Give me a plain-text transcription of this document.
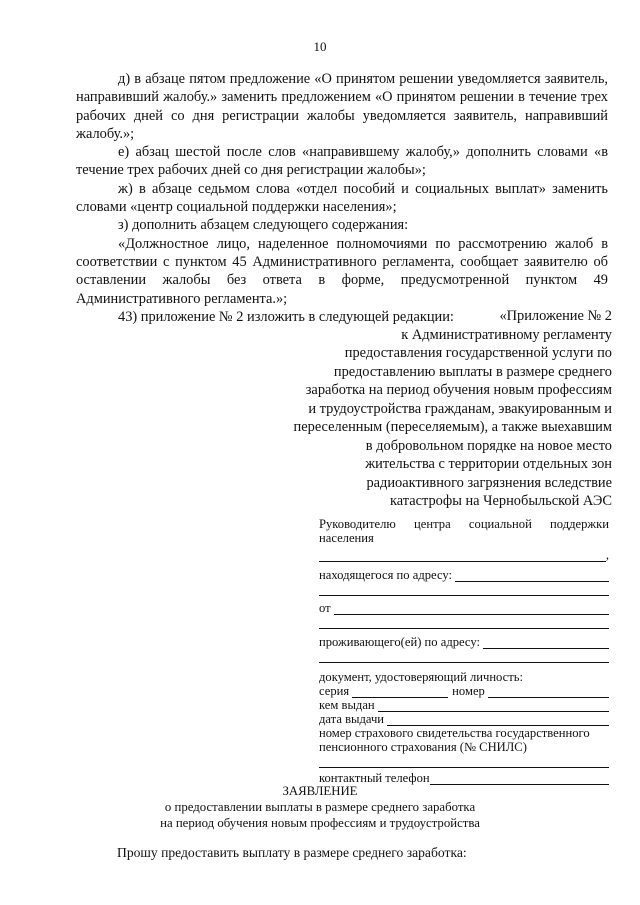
10

д) в абзаце пятом предложение «О принятом решении уведомляется заявитель, направивший жалобу.» заменить предложением «О принятом решении в течение трех рабочих дней со дня регистрации жалобы уведомляется заявитель, направивший жалобу.»;

е) абзац шестой после слов «направившему жалобу,» дополнить словами «в течение трех рабочих дней со дня регистрации жалобы»;

ж) в абзаце седьмом слова «отдел пособий и социальных выплат» заменить словами «центр социальной поддержки населения»;

з) дополнить абзацем следующего содержания:

«Должностное лицо, наделенное полномочиями по рассмотрению жалоб в соответствии с пунктом 45 Административного регламента, сообщает заявителю об оставлении жалобы без ответа в форме, предусмотренной пунктом 49 Административного регламента.»;

43) приложение № 2 изложить в следующей редакции:	«Приложение № 2
к Административному регламенту
предоставления государственной услуги по
предоставлению выплаты в размере среднего
заработка на период обучения новым профессиям
и трудоустройства гражданам, эвакуированным и
переселенным (переселяемым), а также выехавшим
в добровольном порядке на новое место
жительства с территории отдельных зон
радиоактивного загрязнения вследствие
катастрофы на Чернобыльской АЭС
Руководителю центра социальной поддержки
населения
,
находящегося по адресу:
от
проживающего(ей) по адресу:
документ, удостоверяющий личность:
серия	номер
кем выдан
дата выдачи
номер страхового свидетельства государственного
пенсионного страхования (№ СНИЛС)
контактный телефон
ЗАЯВЛЕНИЕ
о предоставлении выплаты в размере среднего заработка
на период обучения новым профессиям и трудоустройства
Прошу предоставить выплату в размере среднего заработка:
